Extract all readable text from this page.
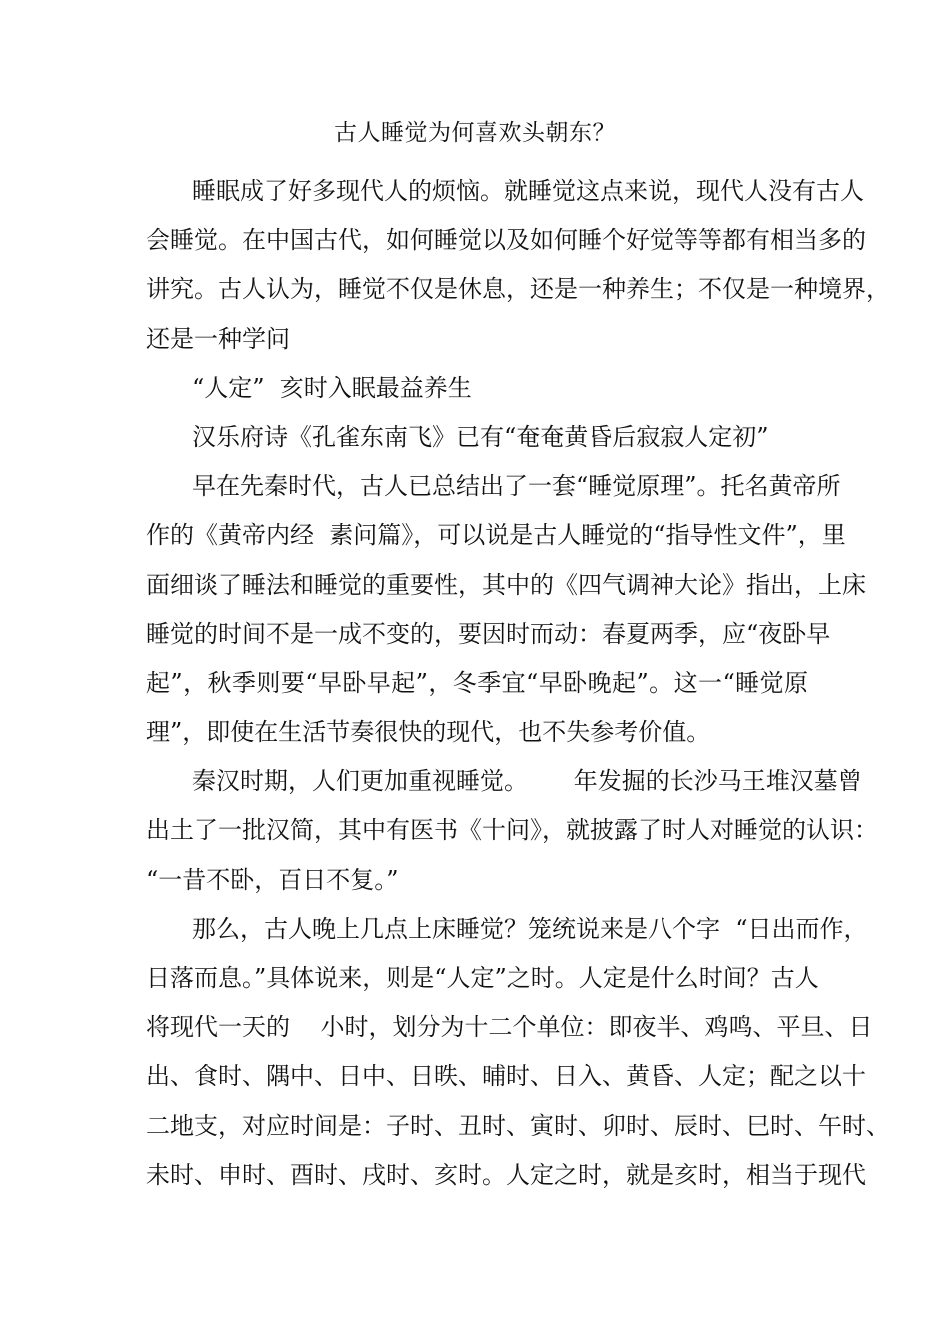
古人睡觉为何喜欢头朝东？
睡眠成了好多现代人的烦恼。就睡觉这点来说，现代人没有古人
会睡觉。在中国古代，如何睡觉以及如何睡个好觉等等都有相当多的
讲究。古人认为，睡觉不仅是休息，还是一种养生；不仅是一种境界，
还是一种学问
“人定”  亥时入眠最益养生
汉乐府诗《孔雀东南飞》已有“奄奄黄昏后寂寂人定初”
早在先秦时代，古人已总结出了一套“睡觉原理”。托名黄帝所
作的《黄帝内经  素问篇》，可以说是古人睡觉的“指导性文件”，里
面细谈了睡法和睡觉的重要性，其中的《四气调神大论》指出，上床
睡觉的时间不是一成不变的，要因时而动：春夏两季，应“夜卧早
起”，秋季则要“早卧早起”，冬季宜“早卧晚起”。这一“睡觉原
理”，即使在生活节奏很快的现代，也不失参考价值。
秦汉时期，人们更加重视睡觉。      年发掘的长沙马王堆汉墓曾
出土了一批汉简，其中有医书《十问》，就披露了时人对睡觉的认识：
“一昔不卧，百日不复。”
那么，古人晚上几点上床睡觉？笼统说来是八个字  “日出而作，
日落而息。”具体说来，则是“人定”之时。人定是什么时间？古人
将现代一天的    小时，划分为十二个单位：即夜半、鸡鸣、平旦、日
出、食时、隅中、日中、日昳、晡时、日入、黄昏、人定；配之以十
二地支，对应时间是：子时、丑时、寅时、卯时、辰时、巳时、午时、
未时、申时、酉时、戌时、亥时。人定之时，就是亥时，相当于现代
